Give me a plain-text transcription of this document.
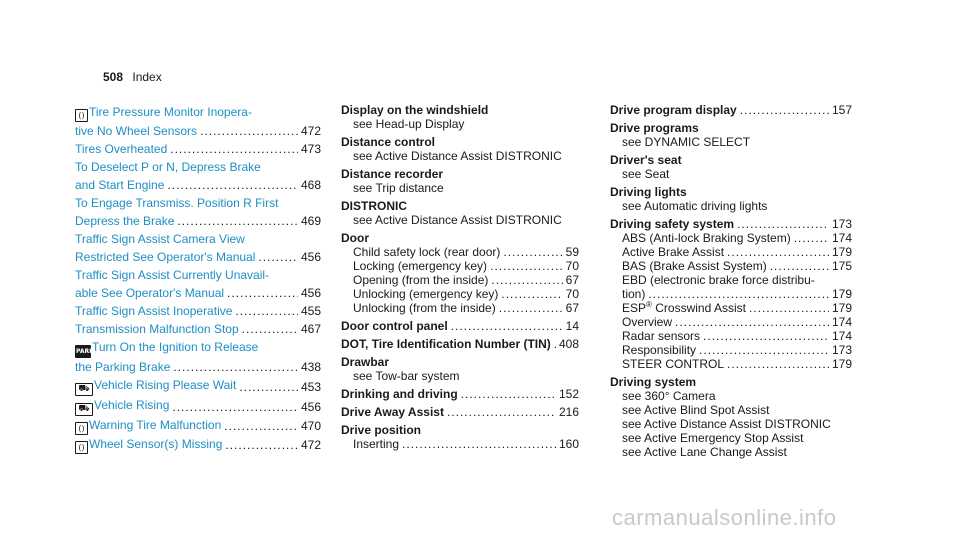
508 Index
() Tire Pressure Monitor Inopera-
tive No Wheel Sensors .....	472
Tires Overheated .....	473
To Deselect P or N, Depress Brake
and Start Engine .....	468
To Engage Transmiss. Position R First
Depress the Brake .....	469
Traffic Sign Assist Camera View
Restricted See Operator's Manual .....	456
Traffic Sign Assist Currently Unavail-
able See Operator's Manual .....	456
Traffic Sign Assist Inoperative .....	455
Transmission Malfunction Stop .....	467
PARKTurn On the Ignition to Release
the Parking Brake .....	438
⛟ Vehicle Rising Please Wait .....	453
⛟ Vehicle Rising .....	456
() Warning Tire Malfunction .....	470
() Wheel Sensor(s) Missing .....	472
Display on the windshield
see Head-up Display
Distance control
see Active Distance Assist DISTRONIC
Distance recorder
see Trip distance
DISTRONIC
see Active Distance Assist DISTRONIC
Door
Child safety lock (rear door) .....	59
Locking (emergency key) .....	70
Opening (from the inside) .....	67
Unlocking (emergency key) .....	70
Unlocking (from the inside) .....	67
Door control panel .....	14
DOT, Tire Identification Number (TIN) ..... 408
Drawbar
see Tow-bar system
Drinking and driving .....	152
Drive Away Assist .....	216
Drive position
Inserting .....	160
Drive program display .....	157
Drive programs
see DYNAMIC SELECT
Driver's seat
see Seat
Driving lights
see Automatic driving lights
Driving safety system .....	173
ABS (Anti-lock Braking System) .....	174
Active Brake Assist .....	179
BAS (Brake Assist System) .....	175
EBD (electronic brake force distribu-
tion) .....	179
ESP® Crosswind Assist .....	179
Overview .....	174
Radar sensors .....	174
Responsibility .....	173
STEER CONTROL .....	179
Driving system
see 360° Camera
see Active Blind Spot Assist
see Active Distance Assist DISTRONIC
see Active Emergency Stop Assist
see Active Lane Change Assist
carmanualsonline.info
